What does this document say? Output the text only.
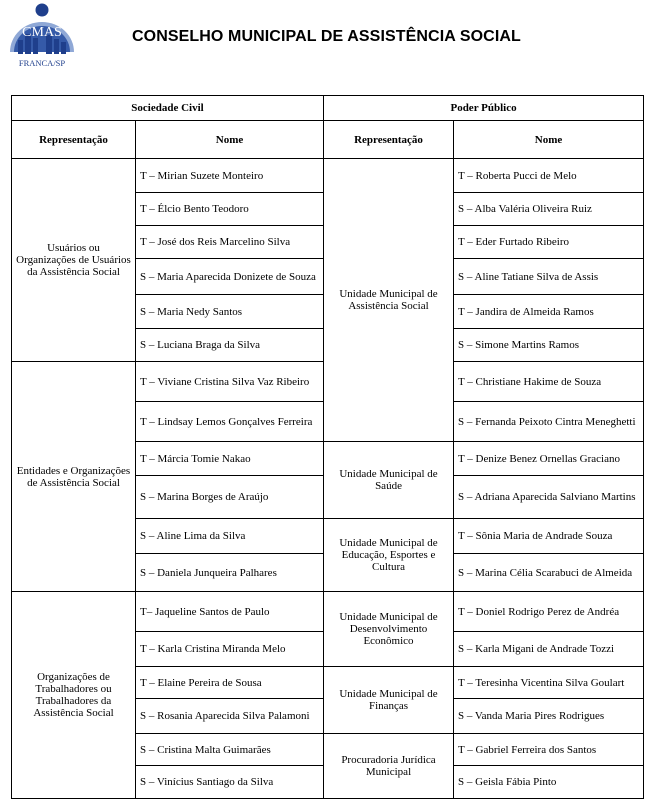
CMAS
FRANCA/SP
CONSELHO MUNICIPAL DE ASSISTÊNCIA SOCIAL
Sociedade Civil		Poder Público	
Representação	Nome	Representação	Nome
Usuários ou Organizações de Usuários da Assistência Social	T – Mirian Suzete Monteiro	Unidade Municipal de Assistência Social	T – Roberta Pucci de Melo
	T – Élcio Bento Teodoro		S – Alba Valéria Oliveira Ruiz
	T – José dos Reis Marcelino Silva		T – Eder Furtado Ribeiro
	S – Maria Aparecida Donizete de Souza		S – Aline Tatiane Silva de Assis
	S – Maria Nedy Santos		T – Jandira de Almeida Ramos
	S – Luciana Braga da Silva		S – Simone Martins Ramos
Entidades e Organizações de Assistência Social	T – Viviane Cristina Silva Vaz Ribeiro		T – Christiane Hakime de Souza
	T – Lindsay Lemos Gonçalves Ferreira		S – Fernanda Peixoto Cintra Meneghetti
	T – Márcia Tomie Nakao	Unidade Municipal de Saúde	T – Denize Benez Ornellas Graciano
	S – Marina Borges de Araújo		S – Adriana Aparecida Salviano Martins
	S – Aline Lima da Silva	Unidade Municipal de Educação, Esportes e Cultura	T – Sônia Maria de Andrade Souza
	S – Daniela Junqueira Palhares		S – Marina Célia Scarabuci de Almeida
Organizações de Trabalhadores ou Trabalhadores da Assistência Social	T– Jaqueline Santos de Paulo	Unidade Municipal de Desenvolvimento Econômico	T – Doniel Rodrigo Perez de Andréa
	T – Karla Cristina Miranda Melo		S – Karla Migani de Andrade Tozzi
	T – Elaine Pereira de Sousa	Unidade Municipal de Finanças	T – Teresinha Vicentina Silva Goulart
	S – Rosania Aparecida Silva Palamoni		S – Vanda Maria Pires Rodrigues
	S – Cristina Malta Guimarães	Procuradoria Jurídica Municipal	T – Gabriel Ferreira dos Santos
	S – Vinícius Santiago da Silva		S – Geisla Fábia Pinto
